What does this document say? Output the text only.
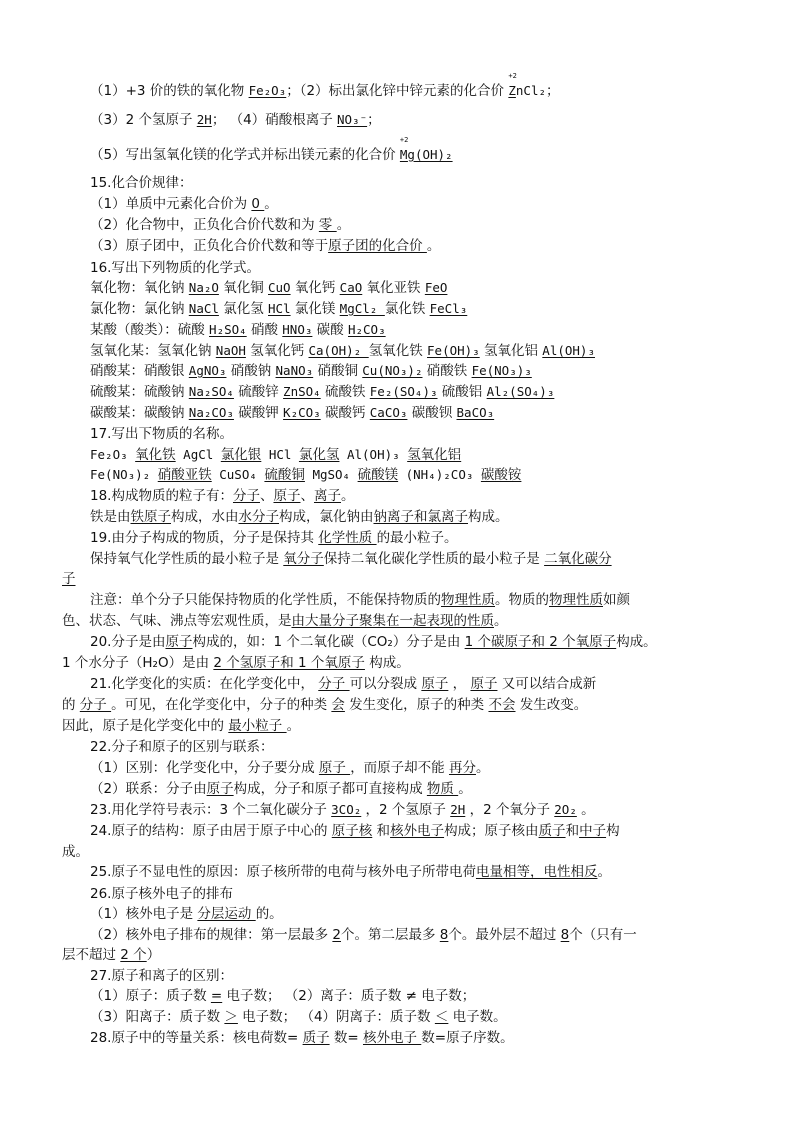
（1）+3 价的铁的氧化物 Fe₂O₃；（2）标出氯化锌中锌元素的化合价
+2
ZnCl₂；
（3）2 个氢原子 2H； （4）硝酸根离子 NO₃⁻；
（5）写出氢氧化镁的化学式并标出镁元素的化合价
+2
Mg(OH)₂
15.化合价规律：
（1）单质中元素化合价为 0 。
（2）化合物中，正负化合价代数和为 零 。
（3）原子团中，正负化合价代数和等于原子团的化合价 。
16.写出下列物质的化学式。
氧化物：氧化钠 Na₂O 氧化铜 CuO 氧化钙 CaO 氧化亚铁 FeO
氯化物：氯化钠 NaCl 氯化氢 HCl 氯化镁 MgCl₂ 氯化铁 FeCl₃
某酸（酸类）：硫酸 H₂SO₄ 硝酸 HNO₃ 碳酸 H₂CO₃
氢氧化某：氢氧化钠 NaOH 氢氧化钙 Ca(OH)₂ 氢氧化铁 Fe(OH)₃ 氢氧化铝 Al(OH)₃
硝酸某：硝酸银 AgNO₃ 硝酸钠 NaNO₃ 硝酸铜 Cu(NO₃)₂ 硝酸铁 Fe(NO₃)₃
硫酸某：硫酸钠 Na₂SO₄ 硫酸锌 ZnSO₄ 硫酸铁 Fe₂(SO₄)₃ 硫酸铝 Al₂(SO₄)₃
碳酸某：碳酸钠 Na₂CO₃ 碳酸钾 K₂CO₃ 碳酸钙 CaCO₃ 碳酸钡 BaCO₃
17.写出下物质的名称。
Fe₂O₃ 氧化铁 AgCl 氯化银 HCl 氯化氢 Al(OH)₃ 氢氧化铝
Fe(NO₃)₂ 硝酸亚铁 CuSO₄ 硫酸铜 MgSO₄ 硫酸镁 (NH₄)₂CO₃ 碳酸铵
18.构成物质的粒子有：分子、原子、离子。
铁是由铁原子构成，水由水分子构成，氯化钠由钠离子和氯离子构成。
19.由分子构成的物质，分子是保持其 化学性质 的最小粒子。
保持氧气化学性质的最小粒子是 氧分子保持二氧化碳化学性质的最小粒子是 二氧化碳分
子
注意：单个分子只能保持物质的化学性质，不能保持物质的物理性质。物质的物理性质如颜
色、状态、气味、沸点等宏观性质，是由大量分子聚集在一起表现的性质。
20.分子是由原子构成的，如：1 个二氧化碳（CO₂）分子是由 1 个碳原子和 2 个氧原子构成。
1 个水分子（H₂O）是由 2 个氢原子和 1 个氧原子 构成。
21.化学变化的实质：在化学变化中， 分子 可以分裂成 原子 ， 原子 又可以结合成新
的 分子 。可见，在化学变化中，分子的种类 会 发生变化，原子的种类 不会 发生改变。
因此，原子是化学变化中的 最小粒子 。
22.分子和原子的区别与联系：
（1）区别：化学变化中，分子要分成 原子 ，而原子却不能 再分。
（2）联系：分子由原子构成，分子和原子都可直接构成 物质 。
23.用化学符号表示：3 个二氧化碳分子 3CO₂ ，2 个氢原子 2H ，2 个氧分子 2O₂ 。
24.原子的结构：原子由居于原子中心的 原子核 和核外电子构成；原子核由质子和中子构
成。
25.原子不显电性的原因：原子核所带的电荷与核外电子所带电荷电量相等，电性相反。
26.原子核外电子的排布
（1）核外电子是 分层运动 的。
（2）核外电子排布的规律：第一层最多 2个。第二层最多 8个。最外层不超过 8个（只有一
层不超过 2 个）
27.原子和离子的区别：
（1）原子：质子数 = 电子数； （2）离子：质子数 ≠ 电子数；
（3）阳离子：质子数 ＞ 电子数； （4）阴离子：质子数 ＜ 电子数。
28.原子中的等量关系：核电荷数= 质子 数= 核外电子 数=原子序数。
